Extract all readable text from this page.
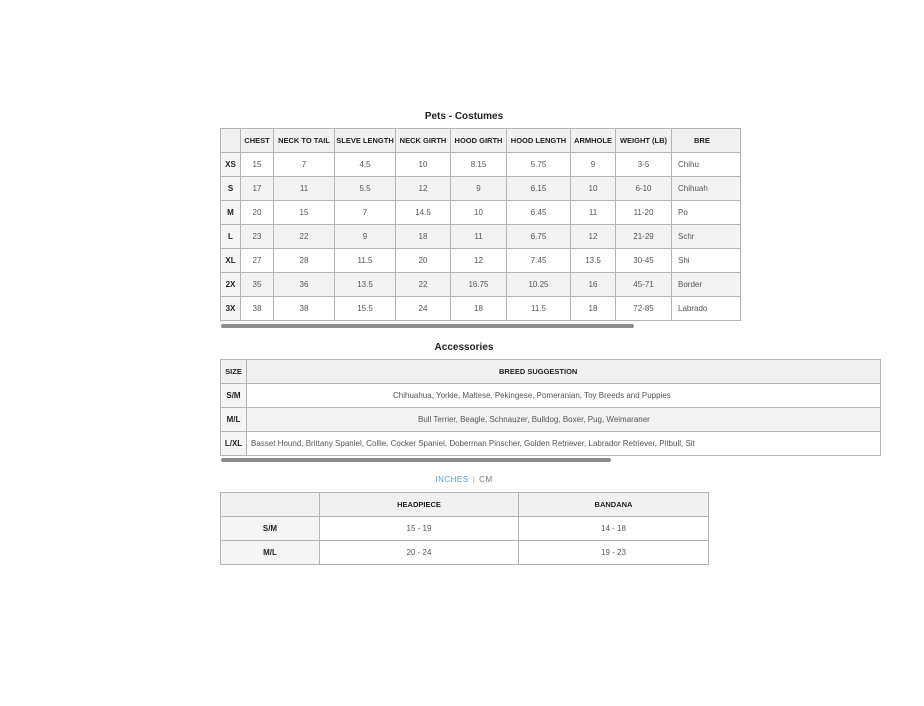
Pets - Costumes
	CHEST	NECK TO TAIL	SLEVE LENGTH	NECK GIRTH	HOOD GIRTH	HOOD LENGTH	ARMHOLE	WEIGHT (LB)	BRE
XS	15	7	4.5	10	8.15	5.75	9	3-5	Chihu
S	17	11	5.5	12	9	6.15	10	6-10	Chihuah
M	20	15	7	14.5	10	6.45	11	11-20	Po
L	23	22	9	18	11	6.75	12	21-29	Schr
XL	27	28	11.5	20	12	7.45	13.5	30-45	Shi
2X	35	36	13.5	22	16.75	10.25	16	45-71	Border
3X	38	38	15.5	24	18	11.5	18	72-85	Labrado
Accessories
SIZE	BREED SUGGESTION
S/M	Chihuahua, Yorkie, Maltese, Pekingese, Pomeranian, Toy Breeds and Puppies
M/L	Bull Terrier, Beagle, Schnauzer, Bulldog, Boxer, Pug, Weimaraner
L/XL	Basset Hound, Brittany Spaniel, Collie, Cocker Spaniel, Doberman Pinscher, Golden Retriever, Labrador Retriever, Pitbull, Sit
INCHES | CM
	HEADPIECE	BANDANA
S/M	15 - 19	14 - 18
M/L	20 - 24	19 - 23
